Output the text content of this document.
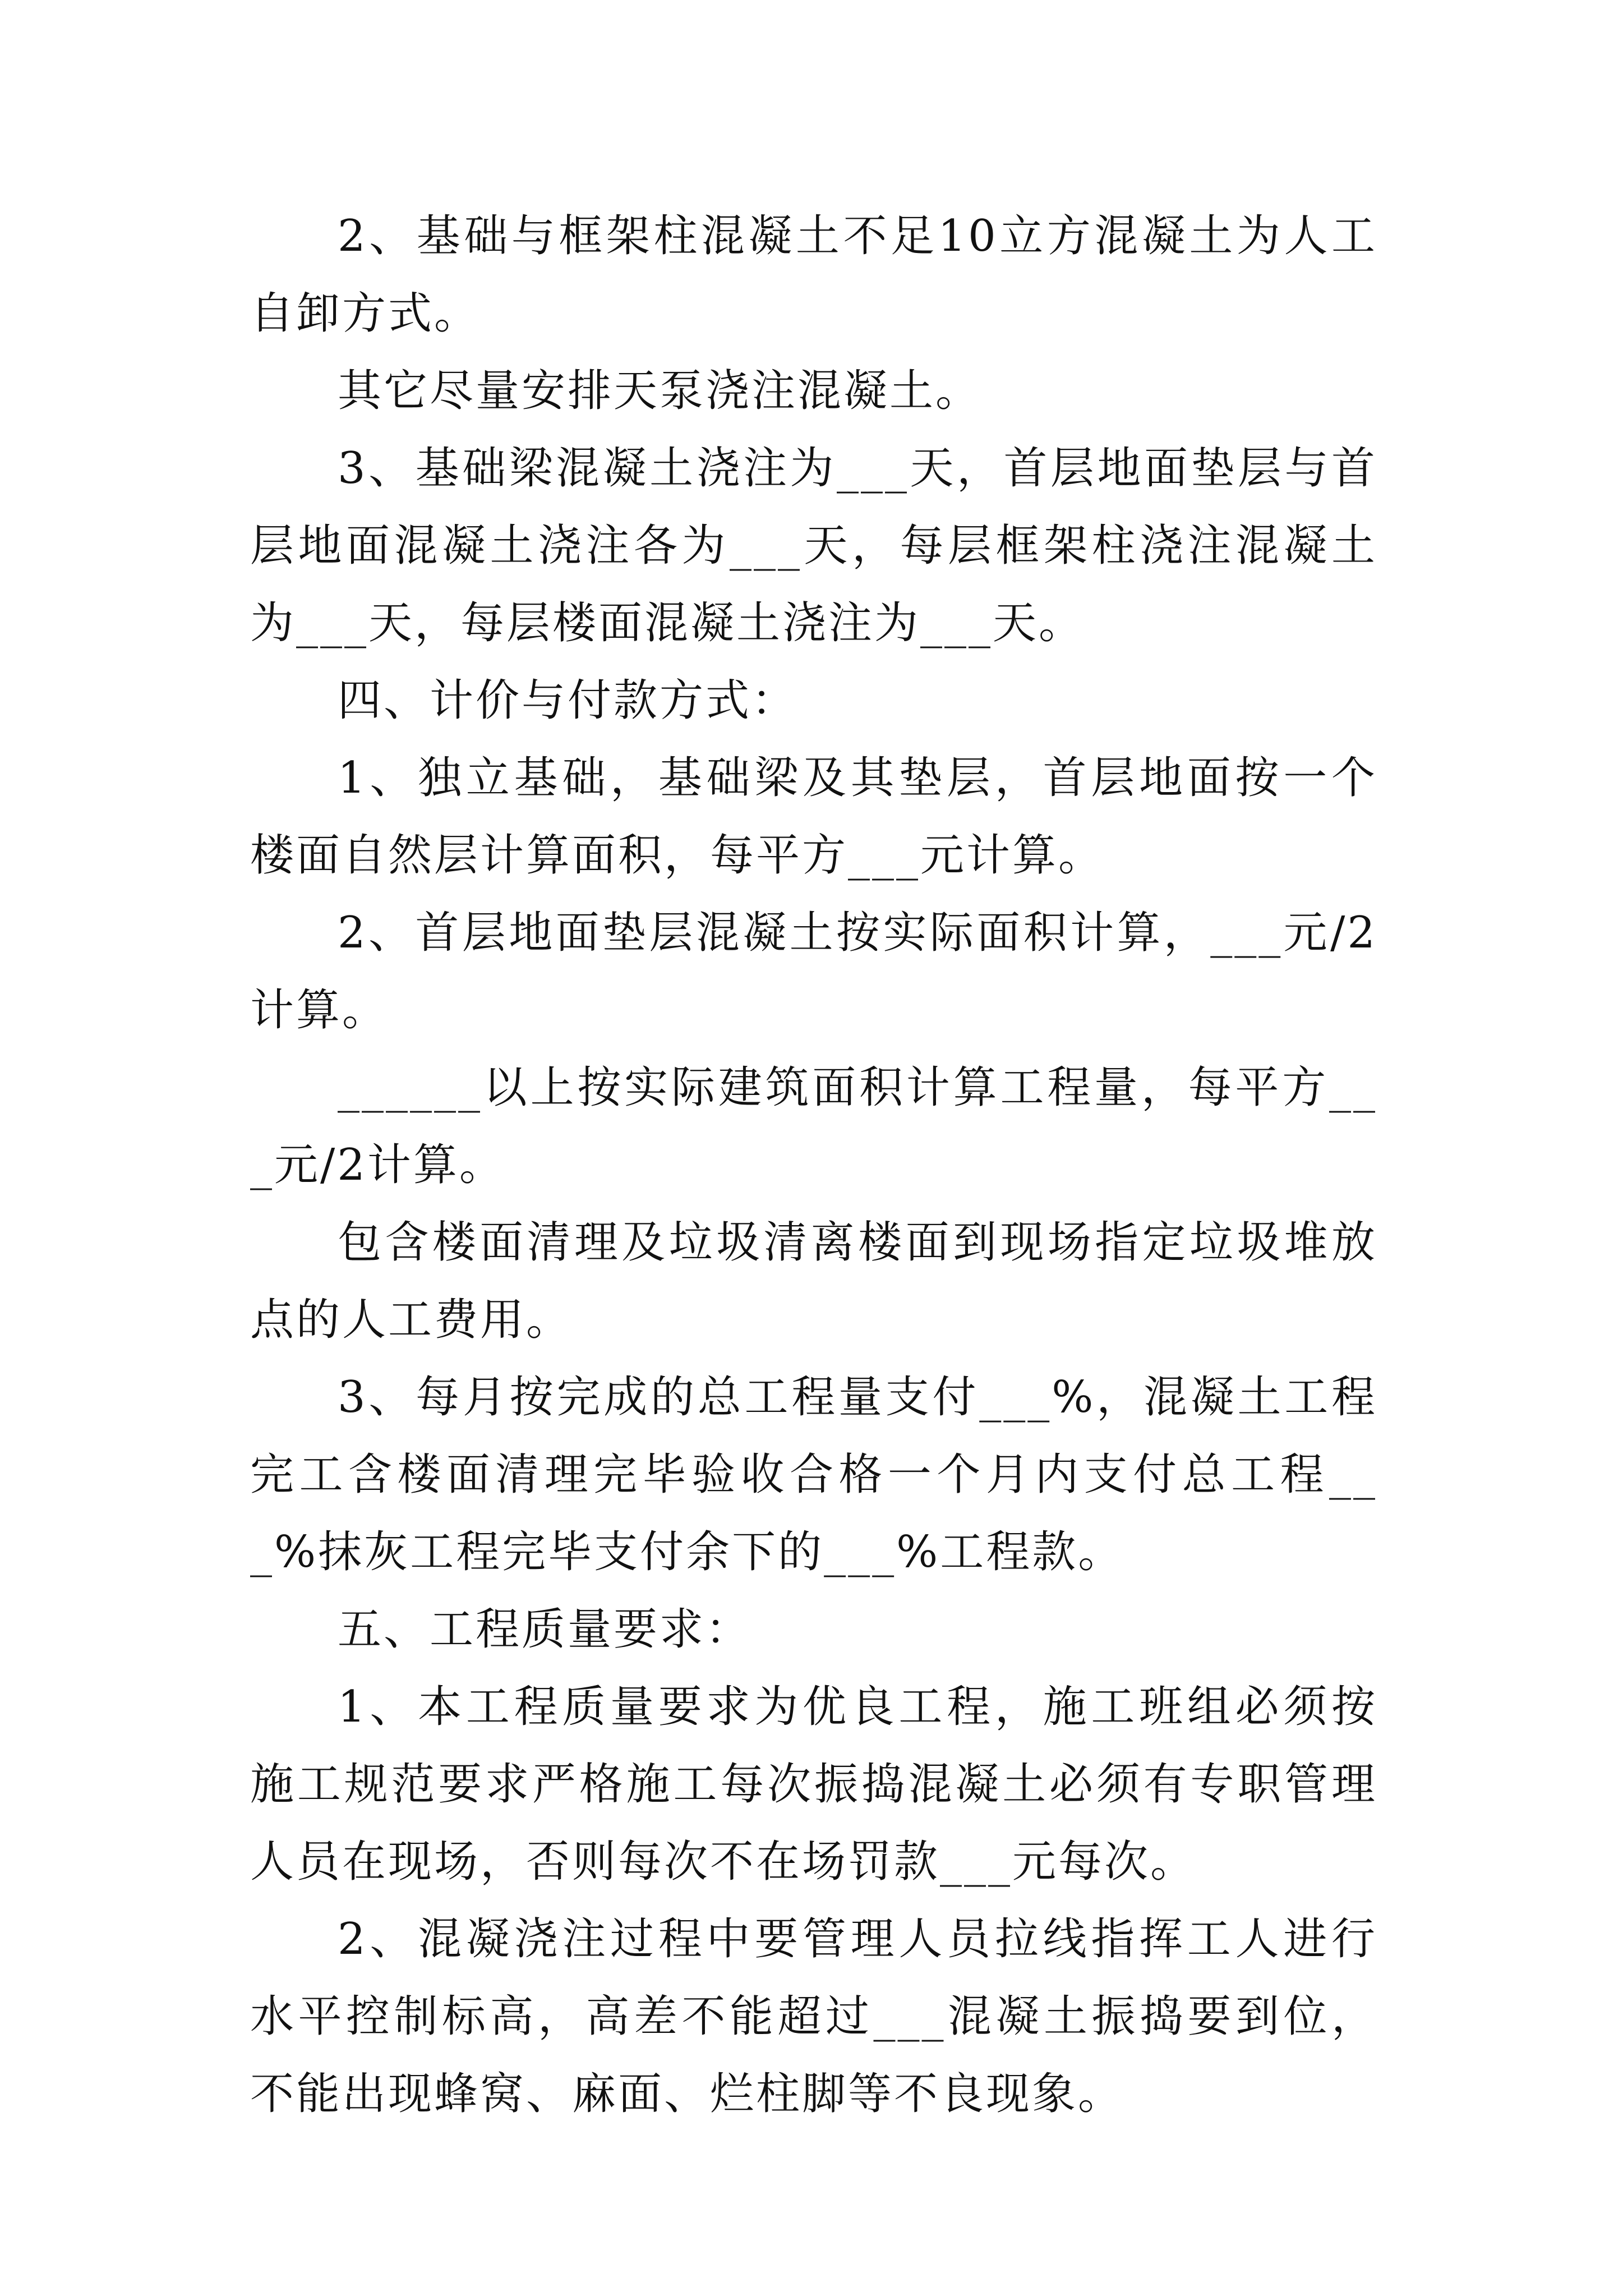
2、基础与框架柱混凝土不足10立方混凝土为人工自卸方式。

其它尽量安排天泵浇注混凝土。

3、基础梁混凝土浇注为___天，首层地面垫层与首层地面混凝土浇注各为___天，每层框架柱浇注混凝土为___天，每层楼面混凝土浇注为___天。

四、计价与付款方式：

1、独立基础，基础梁及其垫层，首层地面按一个楼面自然层计算面积，每平方___元计算。

2、首层地面垫层混凝土按实际面积计算，___元/2计算。

______以上按实际建筑面积计算工程量，每平方___元/2计算。

包含楼面清理及垃圾清离楼面到现场指定垃圾堆放点的人工费用。

3、每月按完成的总工程量支付___%，混凝土工程完工含楼面清理完毕验收合格一个月内支付总工程___%抹灰工程完毕支付余下的___%工程款。

五、工程质量要求：

1、本工程质量要求为优良工程，施工班组必须按施工规范要求严格施工每次振捣混凝土必须有专职管理人员在现场，否则每次不在场罚款___元每次。

2、混凝浇注过程中要管理人员拉线指挥工人进行水平控制标高，高差不能超过___混凝土振捣要到位，不能出现蜂窝、麻面、烂柱脚等不良现象。
